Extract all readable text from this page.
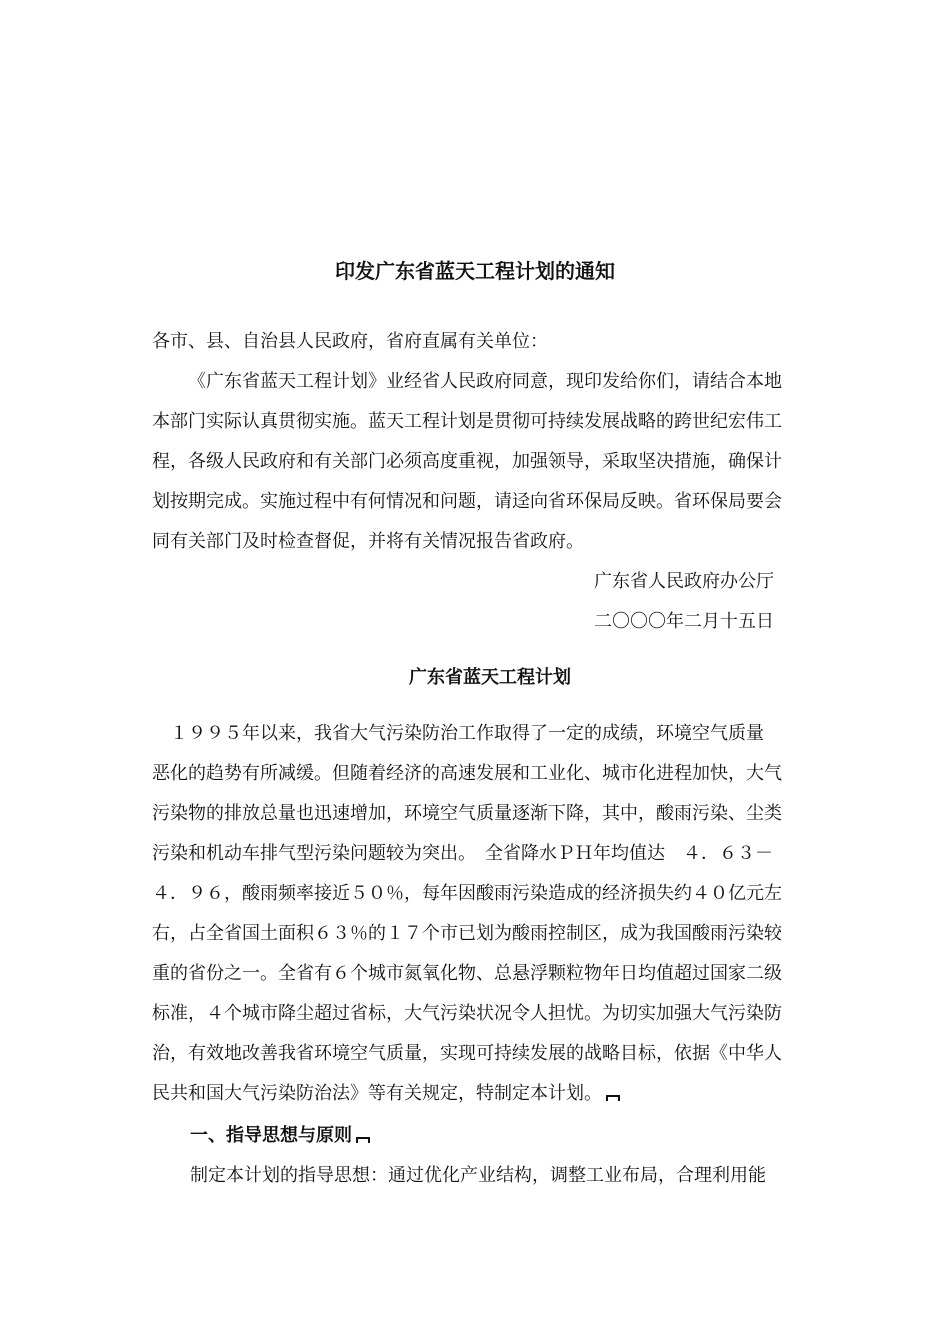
印发广东省蓝天工程计划的通知
各市、县、自治县人民政府，省府直属有关单位：
《广东省蓝天工程计划》业经省人民政府同意，现印发给你们，请结合本地
本部门实际认真贯彻实施。蓝天工程计划是贯彻可持续发展战略的跨世纪宏伟工
程，各级人民政府和有关部门必须高度重视，加强领导，采取坚决措施，确保计
划按期完成。实施过程中有何情况和问题，请迳向省环保局反映。省环保局要会
同有关部门及时检查督促，并将有关情况报告省政府。
广东省人民政府办公厅
二〇〇〇年二月十五日
广东省蓝天工程计划
１９９５年以来，我省大气污染防治工作取得了一定的成绩，环境空气质量
恶化的趋势有所减缓。但随着经济的高速发展和工业化、城市化进程加快，大气
污染物的排放总量也迅速增加，环境空气质量逐渐下降，其中，酸雨污染、尘类
污染和机动车排气型污染问题较为突出。　全省降水ＰＨ年均值达　４．６３－
４．９６，酸雨频率接近５０％，每年因酸雨污染造成的经济损失约４０亿元左
右，占全省国土面积６３％的１７个市已划为酸雨控制区，成为我国酸雨污染较
重的省份之一。全省有６个城市氮氧化物、总悬浮颗粒物年日均值超过国家二级
标准，４个城市降尘超过省标，大气污染状况令人担忧。为切实加强大气污染防
治，有效地改善我省环境空气质量，实现可持续发展的战略目标，依据《中华人
民共和国大气污染防治法》等有关规定，特制定本计划。
一、指导思想与原则
制定本计划的指导思想：通过优化产业结构，调整工业布局，合理利用能
